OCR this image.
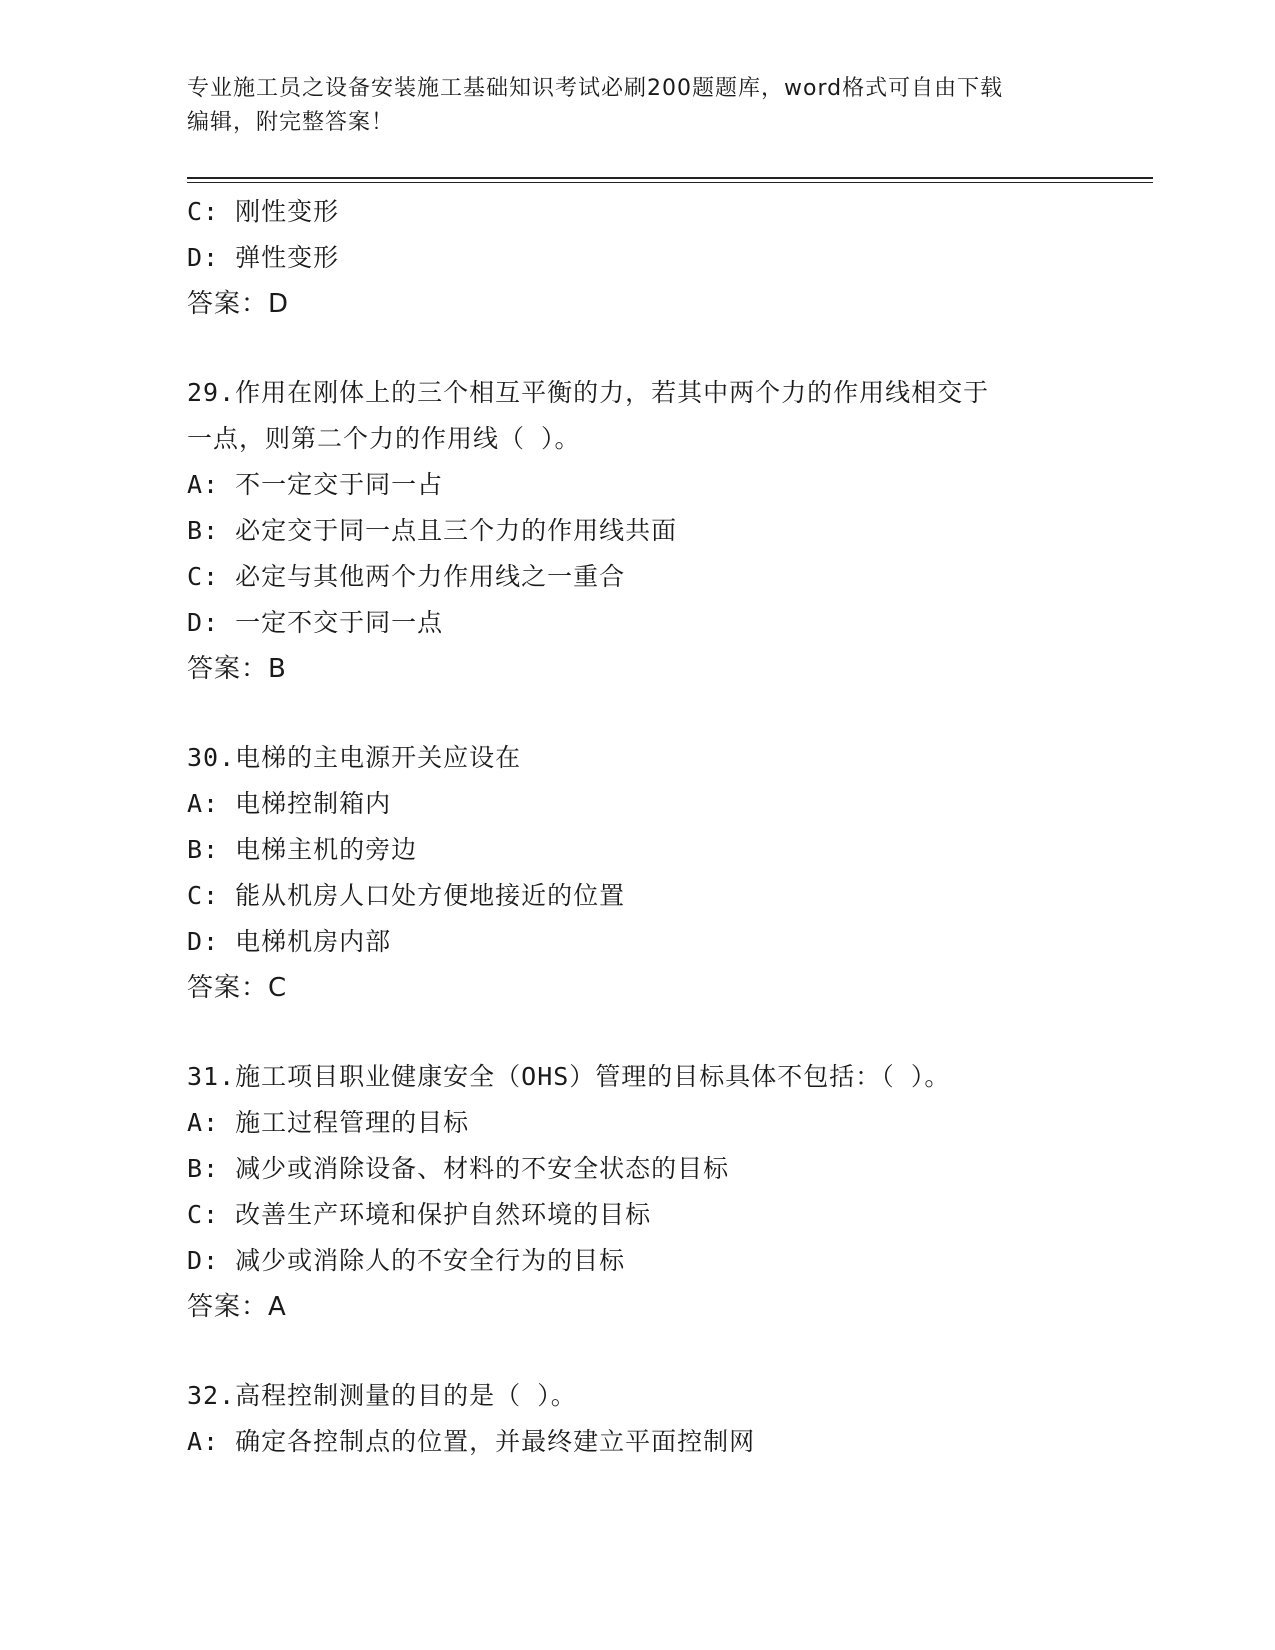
专业施工员之设备安装施工基础知识考试必刷200题题库，word格式可自由下载
编辑，附完整答案！
C: 刚性变形
D: 弹性变形
答案：D
29.作用在刚体上的三个相互平衡的力，若其中两个力的作用线相交于
一点，则第二个力的作用线（ ）。
A: 不一定交于同一占
B: 必定交于同一点且三个力的作用线共面
C: 必定与其他两个力作用线之一重合
D: 一定不交于同一点
答案：B
30.电梯的主电源开关应设在
A: 电梯控制箱内
B: 电梯主机的旁边
C: 能从机房人口处方便地接近的位置
D: 电梯机房内部
答案：C
31.施工项目职业健康安全（OHS）管理的目标具体不包括：（ ）。
A: 施工过程管理的目标
B: 减少或消除设备、材料的不安全状态的目标
C: 改善生产环境和保护自然环境的目标
D: 减少或消除人的不安全行为的目标
答案：A
32.高程控制测量的目的是（ ）。
A: 确定各控制点的位置，并最终建立平面控制网
